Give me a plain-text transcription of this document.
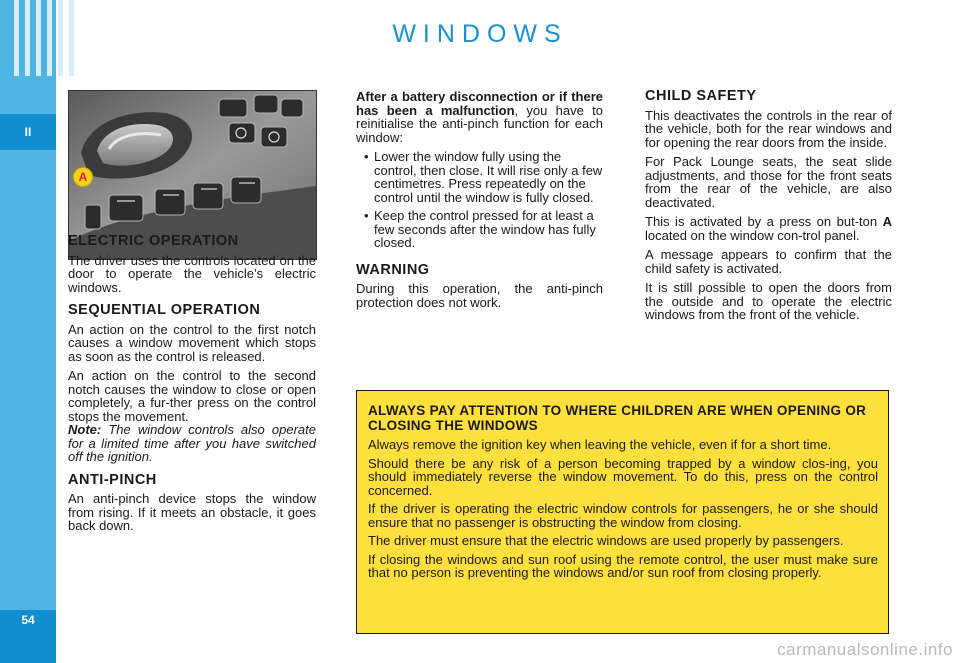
II
54
WINDOWS
A
ELECTRIC OPERATION

The driver uses the controls located on the door to operate the vehicle’s electric windows.

SEQUENTIAL OPERATION

An action on the control to the first notch causes a window movement which stops as soon as the control is released.

An action on the control to the second notch causes the window to close or open completely, a fur-ther press on the control stops the movement.

Note: The window controls also operate for a limited time after you have switched off the ignition.

ANTI-PINCH

An anti-pinch device stops the window from rising. If it meets an obstacle, it goes back down.

After a battery disconnection or if there has been a malfunction, you have to reinitialise the anti-pinch function for each window:

• Lower the window fully using the control, then close. It will rise only a few centimetres. Press repeatedly on the control until the window is fully closed.
• Keep the control pressed for at least a few seconds after the window has fully closed.
WARNING

During this operation, the anti-pinch protection does not work.

CHILD SAFETY

This deactivates the controls in the rear of the vehicle, both for the rear windows and for opening the rear doors from the inside.

For Pack Lounge seats, the seat slide adjustments, and those for the front seats from the rear of the vehicle, are also deactivated.

This is activated by a press on but-ton A located on the window con-trol panel.

A message appears to confirm that the child safety is activated.

It is still possible to open the doors from the outside and to operate the electric windows from the front of the vehicle.

ALWAYS PAY ATTENTION TO WHERE CHILDREN ARE WHEN OPENING OR CLOSING THE WINDOWS

Always remove the ignition key when leaving the vehicle, even if for a short time.

Should there be any risk of a person becoming trapped by a window clos-ing, you should immediately reverse the window movement. To do this, press on the control concerned.

If the driver is operating the electric window controls for passengers, he or she should ensure that no passenger is obstructing the window from closing.

The driver must ensure that the electric windows are used properly by passengers.

If closing the windows and sun roof using the remote control, the user must make sure that no person is preventing the windows and/or sun roof from closing properly.

carmanualsonline.info
